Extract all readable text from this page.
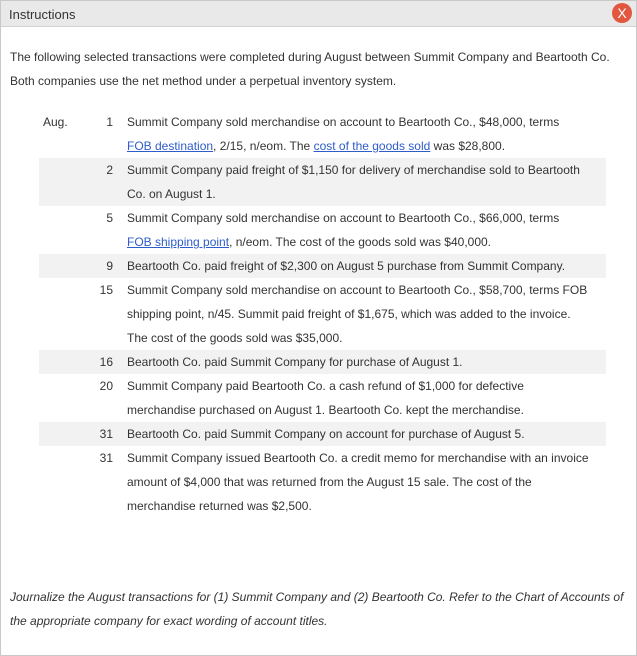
Instructions	X
The following selected transactions were completed during August between Summit Company and Beartooth Co.
Both companies use the net method under a perpetual inventory system.
Aug.	1	Summit Company sold merchandise on account to Beartooth Co., $48,000, terms
FOB destination, 2/15, n/eom. The cost of the goods sold was $28,800.

	2	Summit Company paid freight of $1,150 for delivery of merchandise sold to Beartooth
Co. on August 1.

	5	Summit Company sold merchandise on account to Beartooth Co., $66,000, terms
FOB shipping point, n/eom. The cost of the goods sold was $40,000.

	9	Beartooth Co. paid freight of $2,300 on August 5 purchase from Summit Company.

	15	Summit Company sold merchandise on account to Beartooth Co., $58,700, terms FOB
shipping point, n/45. Summit paid freight of $1,675, which was added to the invoice.
The cost of the goods sold was $35,000.

	16	Beartooth Co. paid Summit Company for purchase of August 1.

	20	Summit Company paid Beartooth Co. a cash refund of $1,000 for defective
merchandise purchased on August 1. Beartooth Co. kept the merchandise.

	31	Beartooth Co. paid Summit Company on account for purchase of August 5.

	31	Summit Company issued Beartooth Co. a credit memo for merchandise with an invoice
amount of $4,000 that was returned from the August 15 sale. The cost of the
merchandise returned was $2,500.
Journalize the August transactions for (1) Summit Company and (2) Beartooth Co. Refer to the Chart of Accounts of
the appropriate company for exact wording of account titles.
